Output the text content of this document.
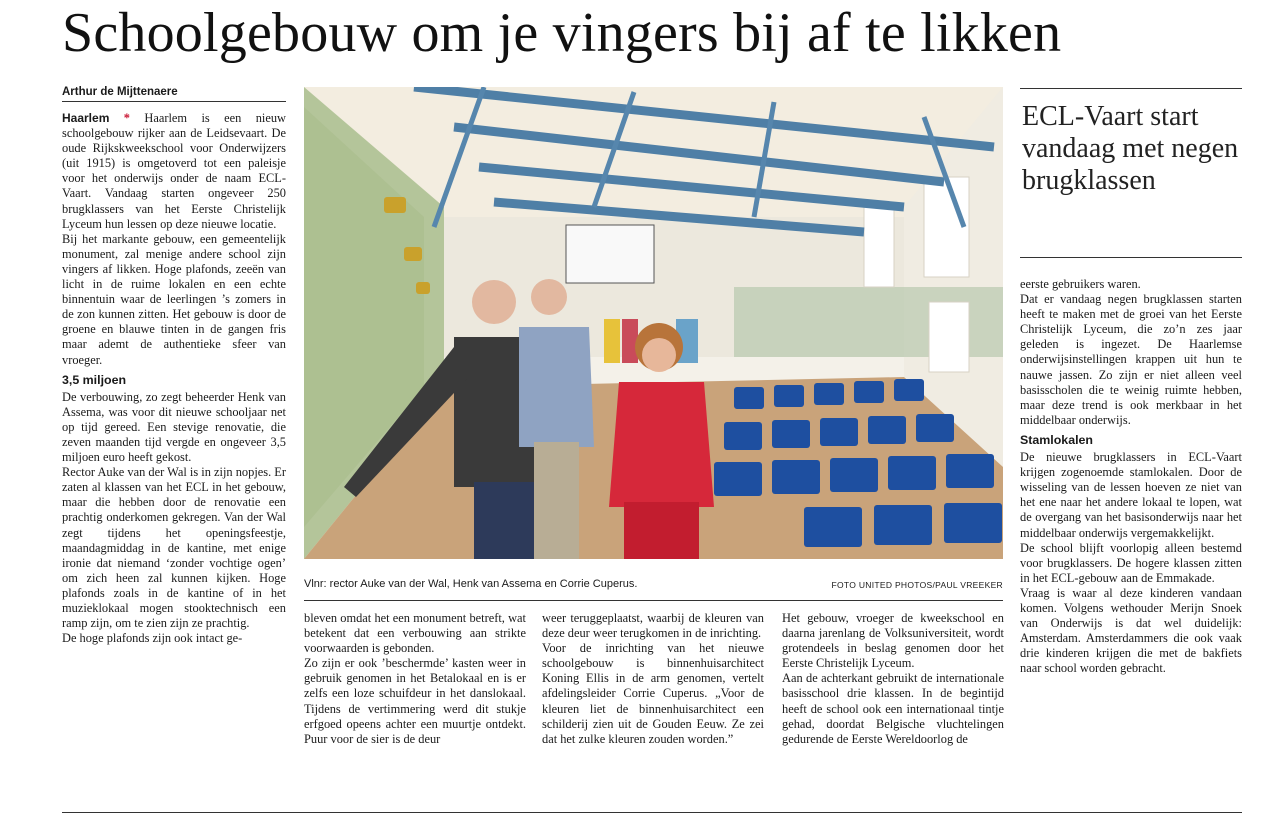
Schoolgebouw om je vingers bij af te likken
Arthur de Mijttenaere

Haarlem * Haarlem is een nieuw schoolgebouw rijker aan de Leidsevaart. De oude Rijkskweekschool voor Onderwijzers (uit 1915) is omgetoverd tot een paleisje voor het onderwijs onder de naam ECL-Vaart. Vandaag starten ongeveer 250 brugklassers van het Eerste Christelijk Lyceum hun lessen op deze nieuwe locatie.

Bij het markante gebouw, een gemeentelijk monument, zal menige andere school zijn vingers af likken. Hoge plafonds, zeeën van licht in de ruime lokalen en een echte binnentuin waar de leerlingen ’s zomers in de zon kunnen zitten. Het gebouw is door de groene en blauwe tinten in de gangen fris maar ademt de authentieke sfeer van vroeger.

3,5 miljoen

De verbouwing, zo zegt beheerder Henk van Assema, was voor dit nieuwe schooljaar net op tijd gereed. Een stevige renovatie, die zeven maanden tijd vergde en ongeveer 3,5 miljoen euro heeft gekost.

Rector Auke van der Wal is in zijn nopjes. Er zaten al klassen van het ECL in het gebouw, maar die hebben door de renovatie een prachtig onderkomen gekregen. Van der Wal zegt tijdens het openingsfeestje, maandagmiddag in de kantine, met enige ironie dat niemand ‘zonder vochtige ogen’ om zich heen zal kunnen kijken. Hoge plafonds zoals in de kantine of in het muzieklokaal mogen stooktechnisch een ramp zijn, om te zien zijn ze prachtig.

De hoge plafonds zijn ook intact ge-

Vlnr: rector Auke van der Wal, Henk van Assema en Corrie Cuperus.	FOTO UNITED PHOTOS/PAUL VREEKER
ECL-Vaart start vandaag met negen brugklassen

bleven omdat het een monument betreft, wat betekent dat een verbouwing aan strikte voorwaarden is gebonden.

Zo zijn er ook ’beschermde’ kasten weer in gebruik genomen in het Betalokaal en is er zelfs een loze schuifdeur in het danslokaal. Tijdens de vertimmering werd dit stukje erfgoed opeens achter een muurtje ontdekt. Puur voor de sier is de deur

weer teruggeplaatst, waarbij de kleuren van deze deur weer terugkomen in de inrichting.

Voor de inrichting van het nieuwe schoolgebouw is binnenhuisarchitect Koning Ellis in de arm genomen, vertelt afdelingsleider Corrie Cuperus. „Voor de kleuren liet de binnenhuisarchitect een schilderij zien uit de Gouden Eeuw. Ze zei dat het zulke kleuren zouden worden.”

Het gebouw, vroeger de kweekschool en daarna jarenlang de Volksuniversiteit, wordt grotendeels in beslag genomen door het Eerste Christelijk Lyceum.

Aan de achterkant gebruikt de internationale basisschool drie klassen. In de begintijd heeft de school ook een internationaal tintje gehad, doordat Belgische vluchtelingen gedurende de Eerste Wereldoorlog de

eerste gebruikers waren.

Dat er vandaag negen brugklassen starten heeft te maken met de groei van het Eerste Christelijk Lyceum, die zo’n zes jaar geleden is ingezet. De Haarlemse onderwijsinstellingen krappen uit hun te nauwe jassen. Zo zijn er niet alleen veel basisscholen die te weinig ruimte hebben, maar deze trend is ook merkbaar in het middelbaar onderwijs.

Stamlokalen

De nieuwe brugklassers in ECL-Vaart krijgen zogenoemde stamlokalen. Door de wisseling van de lessen hoeven ze niet van het ene naar het andere lokaal te lopen, wat de overgang van het basisonderwijs naar het middelbaar onderwijs vergemakkelijkt.

De school blijft voorlopig alleen bestemd voor brugklassers. De hogere klassen zitten in het ECL-gebouw aan de Emmakade.

Vraag is waar al deze kinderen vandaan komen. Volgens wethouder Merijn Snoek van Onderwijs is dat wel duidelijk: Amsterdam. Amsterdammers die ook vaak drie kinderen krijgen die met de bakfiets naar school worden gebracht.
